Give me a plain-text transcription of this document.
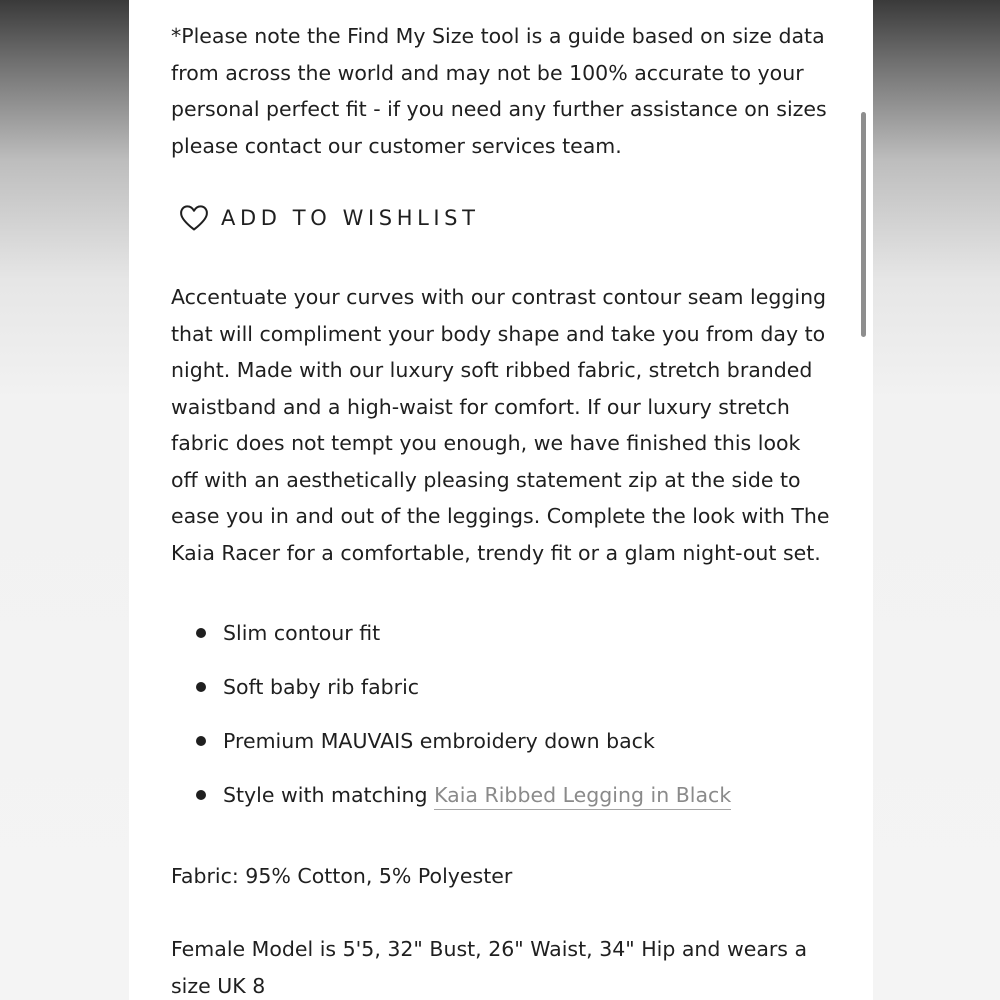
*Please note the Find My Size tool is a guide based on size data from across the world and may not be 100% accurate to your personal perfect fit - if you need any further assistance on sizes please contact our customer services team.

ADD TO WISHLIST

Accentuate your curves with our contrast contour seam legging that will compliment your body shape and take you from day to night. Made with our luxury soft ribbed fabric, stretch branded waistband and a high-waist for comfort. If our luxury stretch fabric does not tempt you enough, we have finished this look off with an aesthetically pleasing statement zip at the side to ease you in and out of the leggings. Complete the look with The Kaia Racer for a comfortable, trendy fit or a glam night-out set.

Slim contour fit
Soft baby rib fabric
Premium MAUVAIS embroidery down back
Style with matching Kaia Ribbed Legging in Black

Fabric: 95% Cotton, 5% Polyester

Female Model is 5'5, 32" Bust, 26" Waist, 34" Hip and wears a size UK 8
